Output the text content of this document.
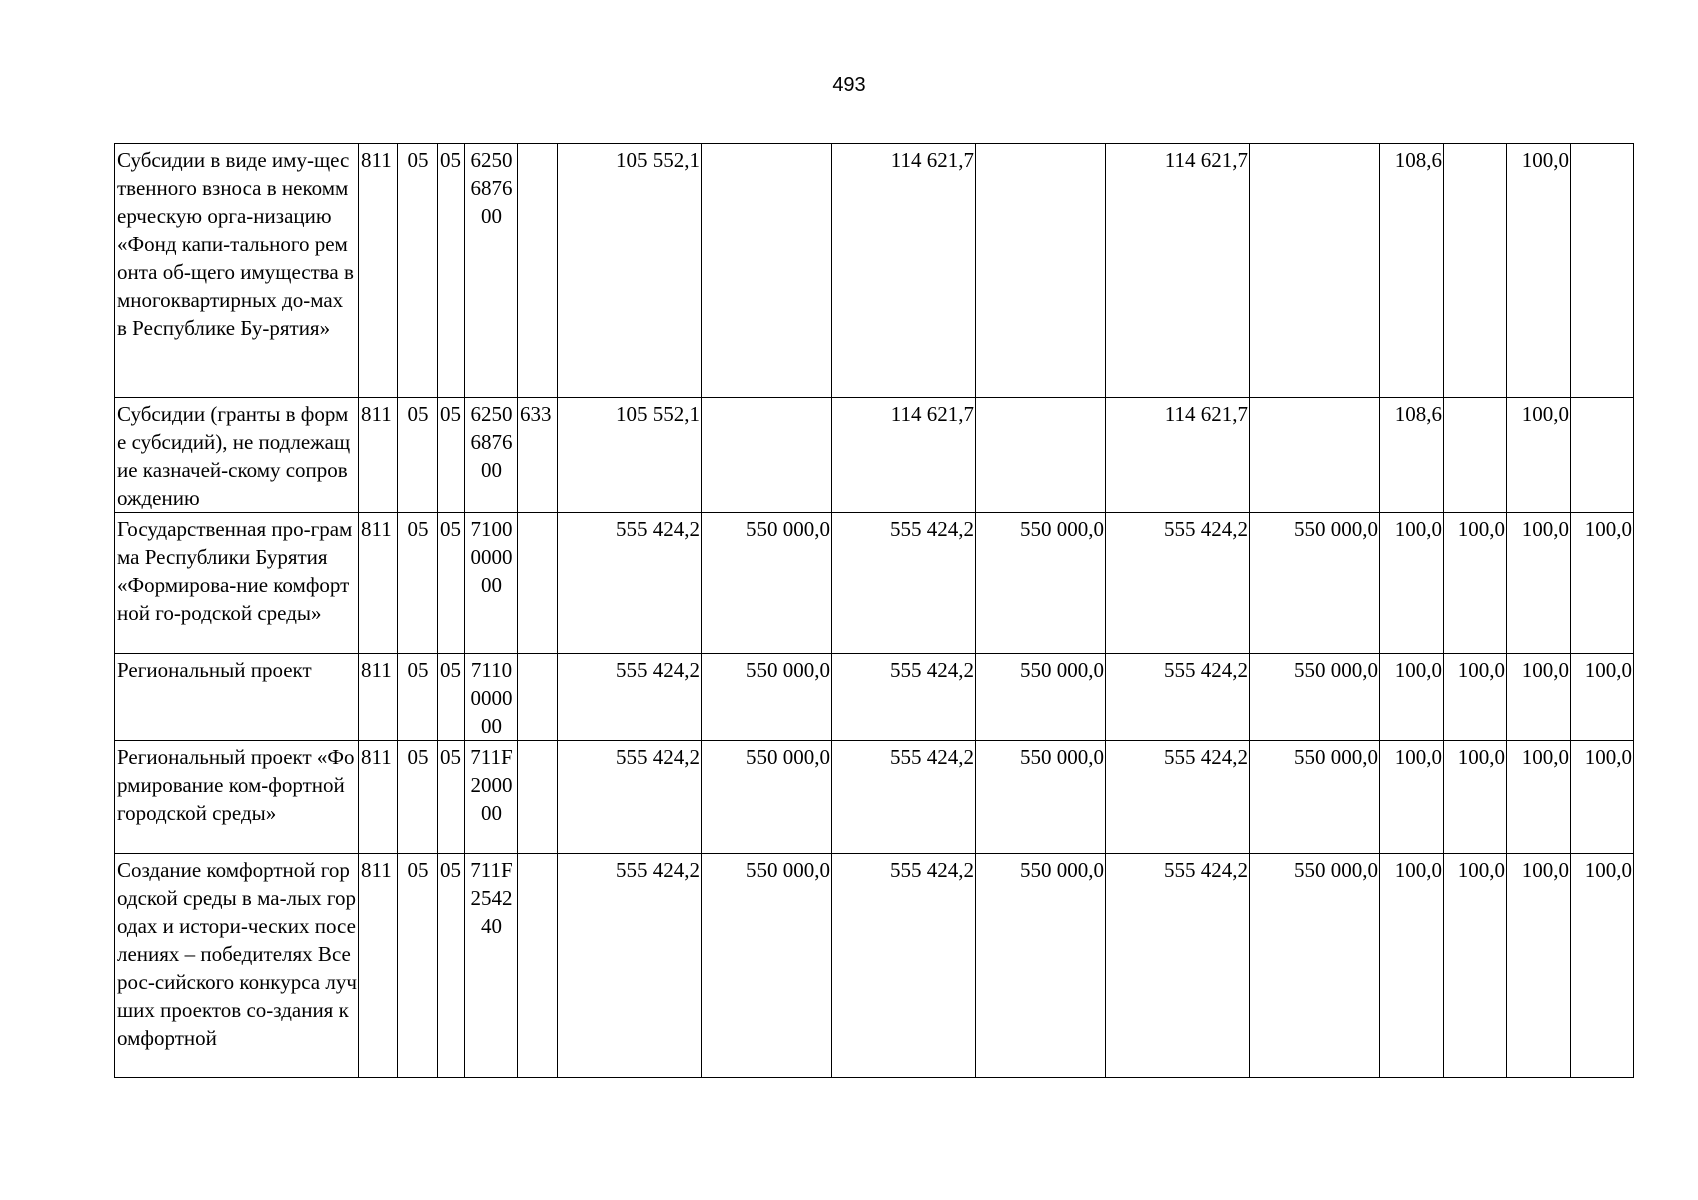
493
Субсидии в виде иму-щественного взноса в некоммерческую орга-низацию «Фонд капи-тального ремонта об-щего имущества в многоквартирных до-мах в Республике Бу-рятия»	811	05	05	6250 6876 00		105 552,1		114 621,7		114 621,7		108,6		100,0	
Субсидии (гранты в форме субсидий), не подлежащие казначей-скому сопровождению	811	05	05	6250 6876 00	633	105 552,1		114 621,7		114 621,7		108,6		100,0	
Государственная про-грамма Республики Бурятия «Формирова-ние комфортной го-родской среды»	811	05	05	7100 0000 00		555 424,2	550 000,0	555 424,2	550 000,0	555 424,2	550 000,0	100,0	100,0	100,0	100,0
Региональный проект	811	05	05	7110 0000 00		555 424,2	550 000,0	555 424,2	550 000,0	555 424,2	550 000,0	100,0	100,0	100,0	100,0
Региональный проект «Формирование ком-фортной городской среды»	811	05	05	711F 2000 00		555 424,2	550 000,0	555 424,2	550 000,0	555 424,2	550 000,0	100,0	100,0	100,0	100,0
Создание комфортной городской среды в ма-лых городах и истори-ческих поселениях – победителях Всерос-сийского конкурса лучших проектов со-здания комфортной	811	05	05	711F 2542 40		555 424,2	550 000,0	555 424,2	550 000,0	555 424,2	550 000,0	100,0	100,0	100,0	100,0
